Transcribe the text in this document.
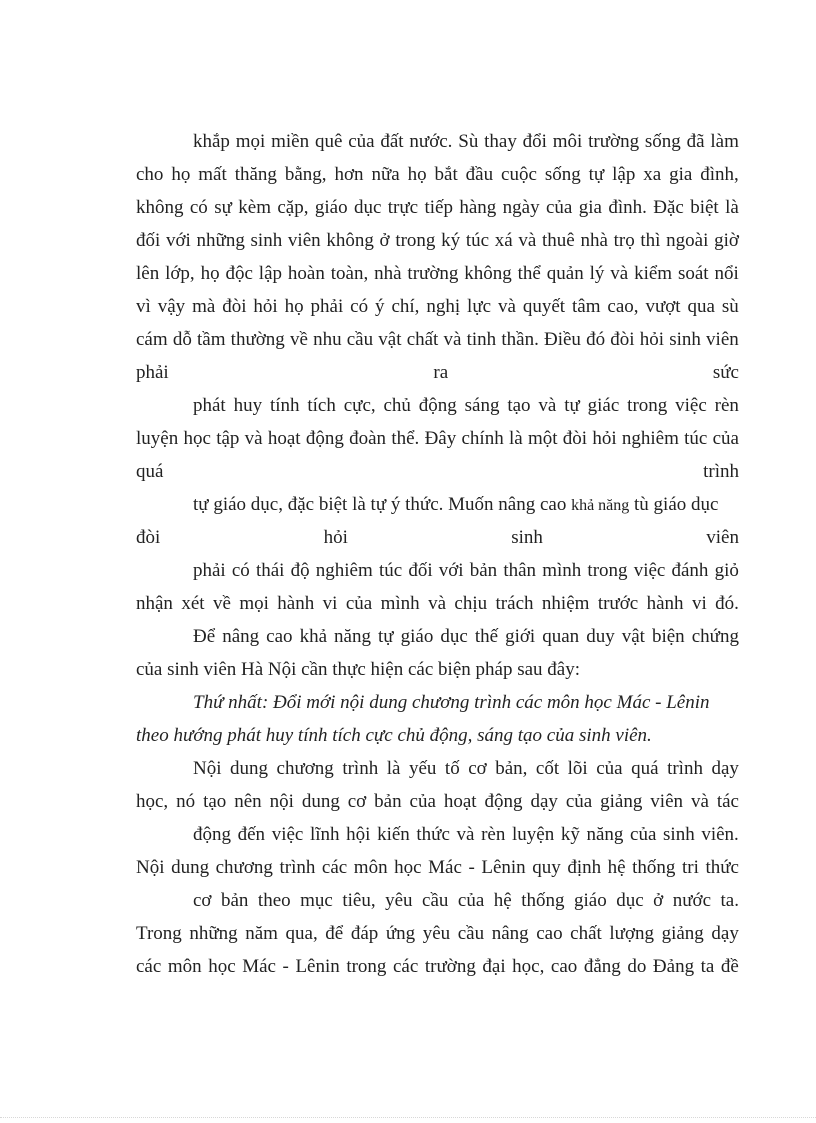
khắp mọi miền quê của đất nước. Sù thay đổi môi trường sống đã làm
cho họ mất thăng bằng, hơn nữa họ bắt đầu cuộc sống tự lập xa gia đình,
không có sự kèm cặp, giáo dục trực tiếp hàng ngày của gia đình. Đặc biệt là
đối với những sinh viên không ở trong ký túc xá và thuê nhà trọ thì ngoài giờ
lên lớp, họ độc lập hoàn toàn, nhà trường không thể quản lý và kiểm soát nổi
vì vậy mà đòi hỏi họ phải có ý chí, nghị lực và quyết tâm cao, vượt qua sù
cám dỗ tầm thường về nhu cầu vật chất và tinh thần. Điều đó đòi hỏi sinh viên
phải	ra	sức
phát huy tính tích cực, chủ động sáng tạo và tự giác trong việc rèn
luyện học tập và hoạt động đoàn thể. Đây chính là một đòi hỏi nghiêm túc của
quá	trình
tự giáo dục, đặc biệt là tự ý thức. Muốn nâng cao khả năng tù giáo dục
đòi	hỏi	sinh	viên
phải có thái độ nghiêm túc đối với bản thân mình trong việc đánh giỏ
nhận xét về mọi hành vi của mình và chịu trách nhiệm trước hành vi đó.
Để nâng cao khả năng tự giáo dục thế giới quan duy vật biện chứng
của sinh viên Hà Nội cần thực hiện các biện pháp sau đây:
Thứ nhất: Đổi mới nội dung chương trình các môn học Mác - Lênin
theo hướng phát huy tính tích cực chủ động, sáng tạo của sinh viên.
Nội dung chương trình là yếu tố cơ bản, cốt lõi của quá trình dạy
học, nó tạo nên nội dung cơ bản của hoạt động dạy của giảng viên và tác
động đến việc lĩnh hội kiến thức và rèn luyện kỹ năng của sinh viên.
Nội dung chương trình các môn học Mác - Lênin quy định hệ thống tri thức
cơ bản theo mục tiêu, yêu cầu của hệ thống giáo dục ở nước ta.
Trong những năm qua, để đáp ứng yêu cầu nâng cao chất lượng giảng dạy
các môn học Mác - Lênin trong các trường đại học, cao đẳng do Đảng ta đề
